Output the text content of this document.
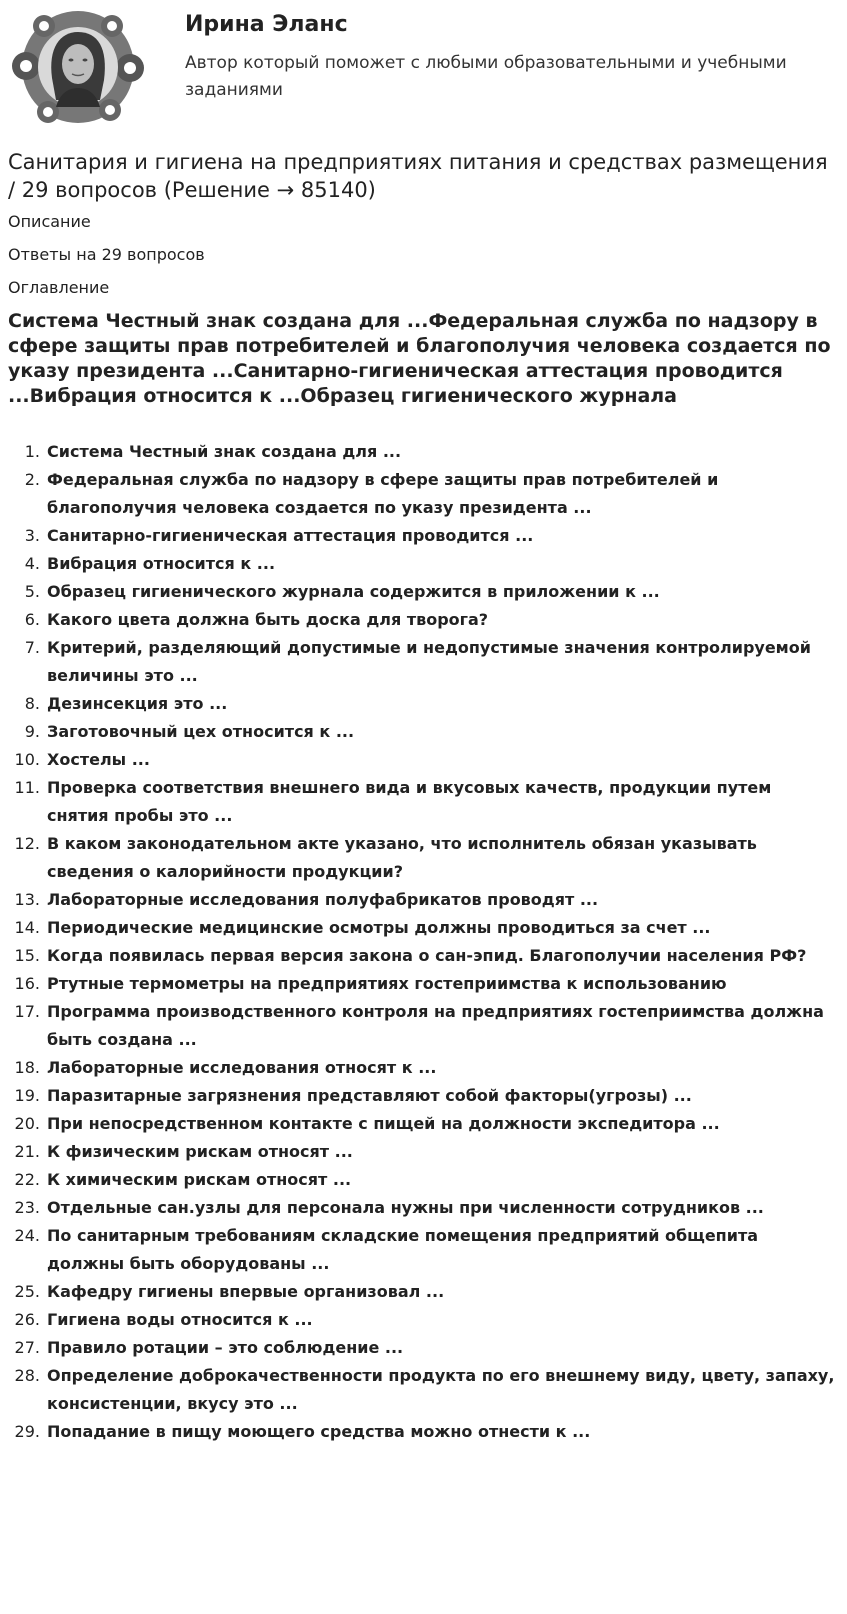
Ирина Эланс
Автор который поможет с любыми образовательными и учебными заданиями
Санитария и гигиена на предприятиях питания и средствах размещения / 29 вопросов (Решение → 85140)
Описание
Ответы на 29 вопросов
Оглавление
Система Честный знак создана для ...Федеральная служба по надзору в сфере защиты прав потребителей и благополучия человека создается по указу президента ...Санитарно-гигиеническая аттестация проводится ...Вибрация относится к ...Образец гигиенического журнала
1. Система Честный знак создана для ...
2. Федеральная служба по надзору в сфере защиты прав потребителей и благополучия человека создается по указу президента ...
3. Санитарно-гигиеническая аттестация проводится ...
4. Вибрация относится к ...
5. Образец гигиенического журнала содержится в приложении к ...
6. Какого цвета должна быть доска для творога?
7. Критерий, разделяющий допустимые и недопустимые значения контролируемой величины это ...
8. Дезинсекция это ...
9. Заготовочный цех относится к ...
10. Хостелы ...
11. Проверка соответствия внешнего вида и вкусовых качеств, продукции путем снятия пробы это ...
12. В каком законодательном акте указано, что исполнитель обязан указывать сведения о калорийности продукции?
13. Лабораторные исследования полуфабрикатов проводят ...
14. Периодические медицинские осмотры должны проводиться за счет ...
15. Когда появилась первая версия закона о сан-эпид. Благополучии населения РФ?
16. Ртутные термометры на предприятиях гостеприимства к использованию
17. Программа производственного контроля на предприятиях гостеприимства должна быть создана ...
18. Лабораторные исследования относят к ...
19. Паразитарные загрязнения представляют собой факторы(угрозы) ...
20. При непосредственном контакте с пищей на должности экспедитора ...
21. К физическим рискам относят ...
22. К химическим рискам относят ...
23. Отдельные сан.узлы для персонала нужны при численности сотрудников ...
24. По санитарным требованиям складские помещения предприятий общепита должны быть оборудованы ...
25. Кафедру гигиены впервые организовал ...
26. Гигиена воды относится к ...
27. Правило ротации – это соблюдение ...
28. Определение доброкачественности продукта по его внешнему виду, цвету, запаху, консистенции, вкусу это ...
29. Попадание в пищу моющего средства можно отнести к ...
